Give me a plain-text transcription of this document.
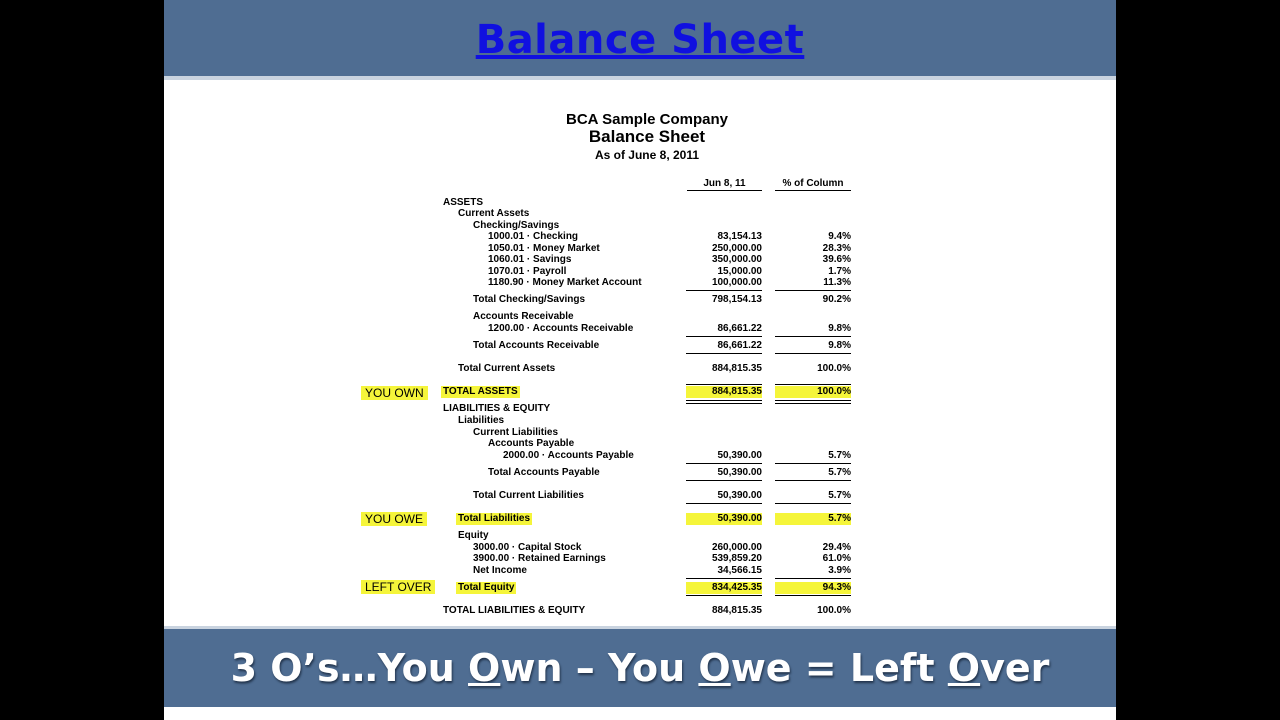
Balance Sheet
BCA Sample Company
Balance Sheet
As of June 8, 2011
Jun 8, 11	% of Column
ASSETS
Current Assets
Checking/Savings
1000.01 · Checking	83,154.13	9.4%
1050.01 · Money Market	250,000.00	28.3%
1060.01 · Savings	350,000.00	39.6%
1070.01 · Payroll	15,000.00	1.7%
1180.90 · Money Market Account	100,000.00	11.3%
Total Checking/Savings	798,154.13	90.2%
Accounts Receivable
1200.00 · Accounts Receivable	86,661.22	9.8%
Total Accounts Receivable	86,661.22	9.8%
Total Current Assets	884,815.35	100.0%
TOTAL ASSETS	884,815.35	100.0%
LIABILITIES & EQUITY
Liabilities
Current Liabilities
Accounts Payable
2000.00 · Accounts Payable	50,390.00	5.7%
Total Accounts Payable	50,390.00	5.7%
Total Current Liabilities	50,390.00	5.7%
Total Liabilities	50,390.00	5.7%
Equity
3000.00 · Capital Stock	260,000.00	29.4%
3900.00 · Retained Earnings	539,859.20	61.0%
Net Income	34,566.15	3.9%
Total Equity	834,425.35	94.3%
TOTAL LIABILITIES & EQUITY	884,815.35	100.0%
YOU OWN
YOU OWE
LEFT OVER
3 O’s…You Own – You Owe = Left Over
